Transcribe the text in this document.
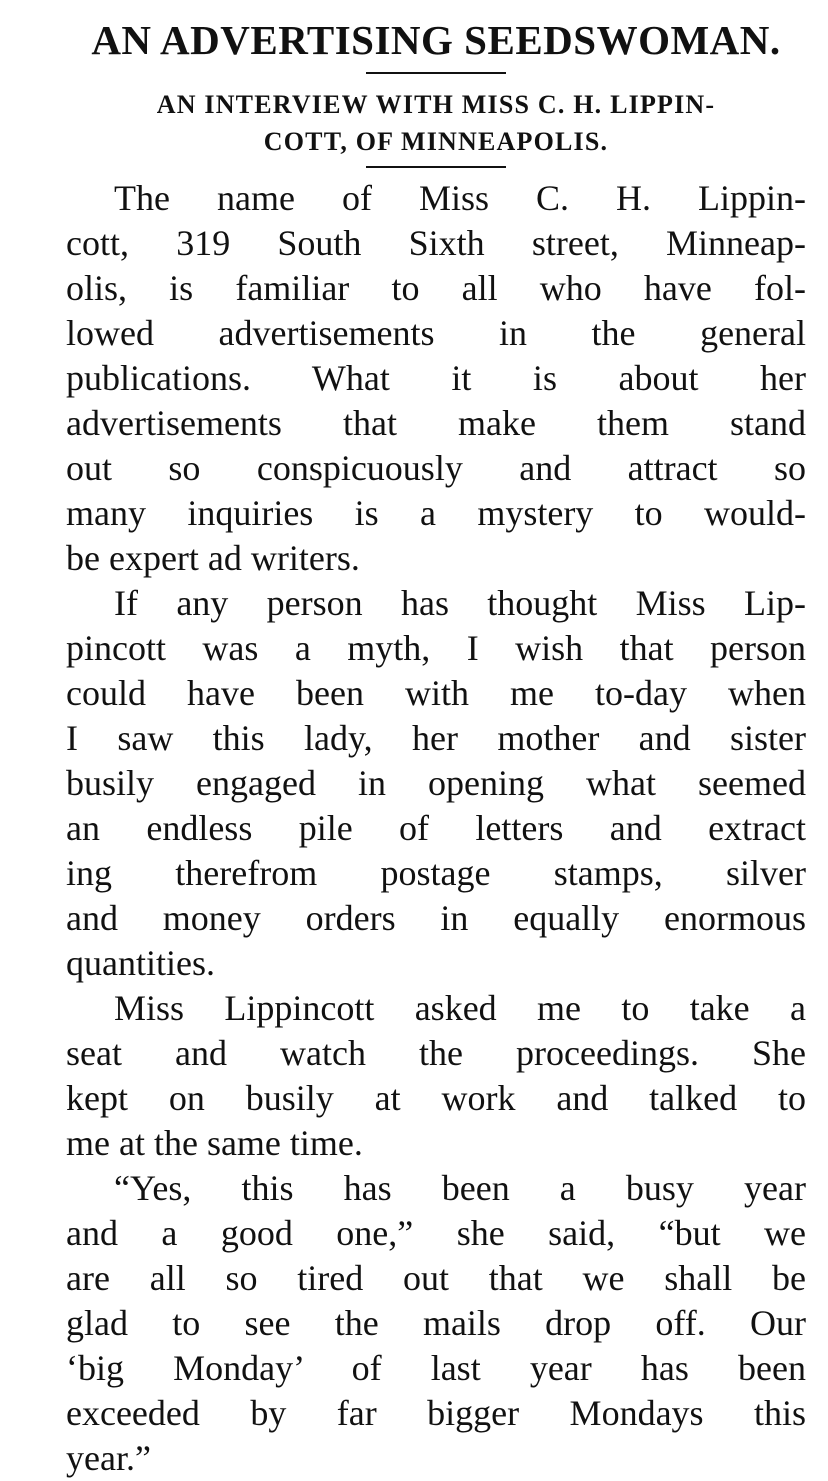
AN ADVERTISING SEEDSWOMAN.
AN INTERVIEW WITH MISS C. H. LIPPIN-
COTT, OF MINNEAPOLIS.

The name of Miss C. H. Lippin-
cott, 319 South Sixth street, Minneap-
olis, is familiar to all who have fol-
lowed advertisements in the general
publications. What it is about her
advertisements that make them stand
out so conspicuously and attract so
many inquiries is a mystery to would-
be expert ad writers.

If any person has thought Miss Lip-
pincott was a myth, I wish that person
could have been with me to-day when
I saw this lady, her mother and sister
busily engaged in opening what seemed
an endless pile of letters and extract
ing therefrom postage stamps, silver
and money orders in equally enormous
quantities.

Miss Lippincott asked me to take a
seat and watch the proceedings. She
kept on busily at work and talked to
me at the same time.

“Yes, this has been a busy year
and a good one,” she said, “but we
are all so tired out that we shall be
glad to see the mails drop off. Our
‘big Monday’ of last year has been
exceeded by far bigger Mondays this
year.”
